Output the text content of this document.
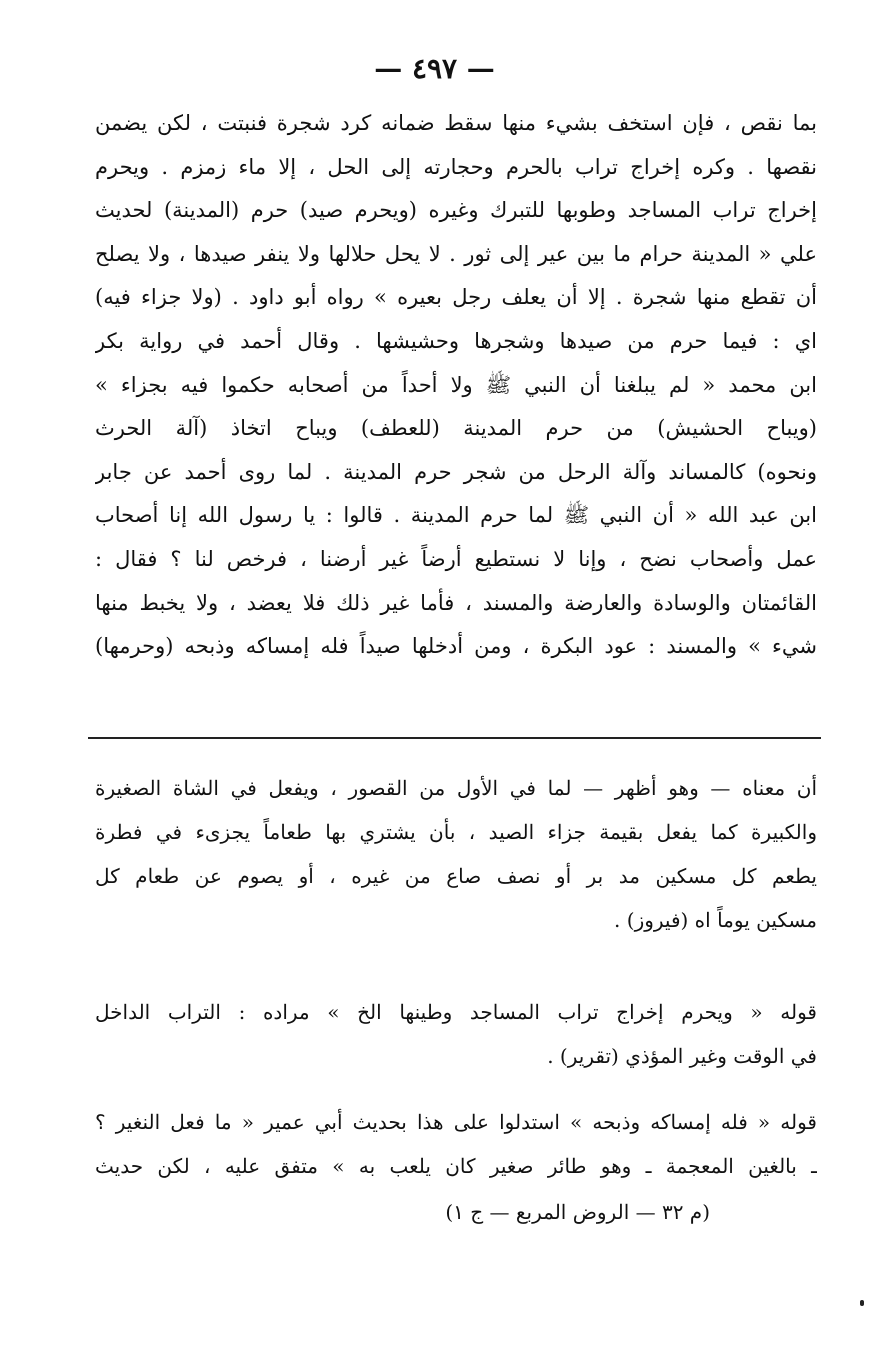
— ٤٩٧ —
بما نقص ، فإن استخف بشيء منها سقط ضمانه كرد شجرة فنبتت ، لكن يضمن
نقصها . وكره إخراج تراب بالحرم وحجارته إلى الحل ، إلا ماء زمزم . ويحرم
إخراج تراب المساجد وطوبها للتبرك وغيره (ويحرم صيد) حرم (المدينة) لحديث
علي « المدينة حرام ما بين عير إلى ثور . لا يحل حلالها ولا ينفر صيدها ، ولا يصلح
أن تقطع منها شجرة . إلا أن يعلف رجل بعيره » رواه أبو داود . (ولا جزاء فيه)
اي : فيما حرم من صيدها وشجرها وحشيشها . وقال أحمد في رواية بكر
ابن محمد « لم يبلغنا أن النبي ﷺ ولا أحداً من أصحابه حكموا فيه بجزاء »
(ويباح الحشيش) من حرم المدينة (للعطف) ويباح اتخاذ (آلة الحرث
ونحوه) كالمساند وآلة الرحل من شجر حرم المدينة . لما روى أحمد عن جابر
ابن عبد الله « أن النبي ﷺ لما حرم المدينة . قالوا : يا رسول الله إنا أصحاب
عمل وأصحاب نضح ، وإنا لا نستطيع أرضاً غير أرضنا ، فرخص لنا ؟ فقال :
القائمتان والوسادة والعارضة والمسند ، فأما غير ذلك فلا يعضد ، ولا يخبط منها
شيء » والمسند : عود البكرة ، ومن أدخلها صيداً فله إمساكه وذبحه (وحرمها)
أن معناه — وهو أظهر — لما في الأول من القصور ، ويفعل في الشاة الصغيرة
والكبيرة كما يفعل بقيمة جزاء الصيد ، بأن يشتري بها طعاماً يجزىء في فطرة
يطعم كل مسكين مد بر أو نصف صاع من غيره ، أو يصوم عن طعام كل
مسكين يوماً اه (فيروز) .
قوله « ويحرم إخراج تراب المساجد وطينها الخ » مراده : التراب الداخل
في الوقت وغير المؤذي (تقرير) .
قوله « فله إمساكه وذبحه » استدلوا على هذا بحديث أبي عمير « ما فعل النغير ؟
ـ بالغين المعجمة ـ وهو طائر صغير كان يلعب به » متفق عليه ، لكن حديث
(م ٣٢ — الروض المربع — ج ١)
